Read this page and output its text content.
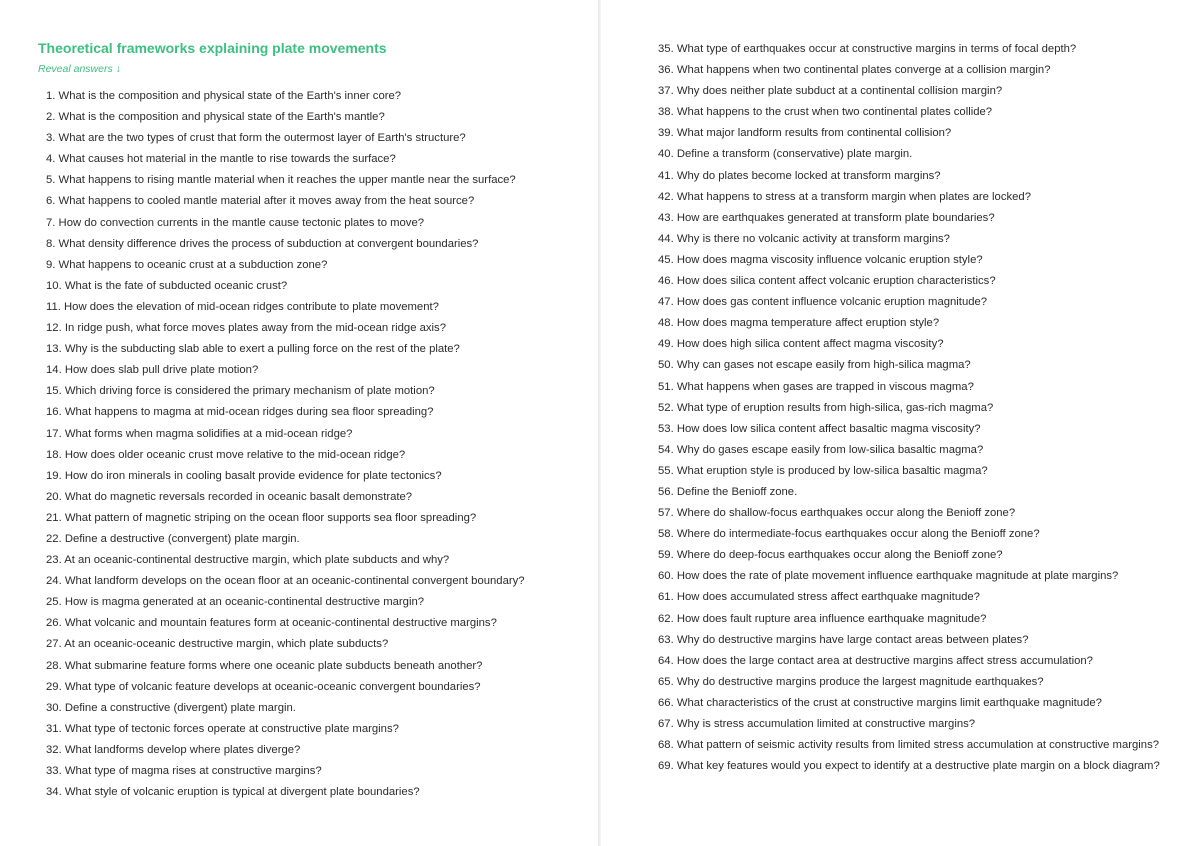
Theoretical frameworks explaining plate movements
Reveal answers ↓
1. What is the composition and physical state of the Earth's inner core?
2. What is the composition and physical state of the Earth's mantle?
3. What are the two types of crust that form the outermost layer of Earth's structure?
4. What causes hot material in the mantle to rise towards the surface?
5. What happens to rising mantle material when it reaches the upper mantle near the surface?
6. What happens to cooled mantle material after it moves away from the heat source?
7. How do convection currents in the mantle cause tectonic plates to move?
8. What density difference drives the process of subduction at convergent boundaries?
9. What happens to oceanic crust at a subduction zone?
10. What is the fate of subducted oceanic crust?
11. How does the elevation of mid-ocean ridges contribute to plate movement?
12. In ridge push, what force moves plates away from the mid-ocean ridge axis?
13. Why is the subducting slab able to exert a pulling force on the rest of the plate?
14. How does slab pull drive plate motion?
15. Which driving force is considered the primary mechanism of plate motion?
16. What happens to magma at mid-ocean ridges during sea floor spreading?
17. What forms when magma solidifies at a mid-ocean ridge?
18. How does older oceanic crust move relative to the mid-ocean ridge?
19. How do iron minerals in cooling basalt provide evidence for plate tectonics?
20. What do magnetic reversals recorded in oceanic basalt demonstrate?
21. What pattern of magnetic striping on the ocean floor supports sea floor spreading?
22. Define a destructive (convergent) plate margin.
23. At an oceanic-continental destructive margin, which plate subducts and why?
24. What landform develops on the ocean floor at an oceanic-continental convergent boundary?
25. How is magma generated at an oceanic-continental destructive margin?
26. What volcanic and mountain features form at oceanic-continental destructive margins?
27. At an oceanic-oceanic destructive margin, which plate subducts?
28. What submarine feature forms where one oceanic plate subducts beneath another?
29. What type of volcanic feature develops at oceanic-oceanic convergent boundaries?
30. Define a constructive (divergent) plate margin.
31. What type of tectonic forces operate at constructive plate margins?
32. What landforms develop where plates diverge?
33. What type of magma rises at constructive margins?
34. What style of volcanic eruption is typical at divergent plate boundaries?
35. What type of earthquakes occur at constructive margins in terms of focal depth?
36. What happens when two continental plates converge at a collision margin?
37. Why does neither plate subduct at a continental collision margin?
38. What happens to the crust when two continental plates collide?
39. What major landform results from continental collision?
40. Define a transform (conservative) plate margin.
41. Why do plates become locked at transform margins?
42. What happens to stress at a transform margin when plates are locked?
43. How are earthquakes generated at transform plate boundaries?
44. Why is there no volcanic activity at transform margins?
45. How does magma viscosity influence volcanic eruption style?
46. How does silica content affect volcanic eruption characteristics?
47. How does gas content influence volcanic eruption magnitude?
48. How does magma temperature affect eruption style?
49. How does high silica content affect magma viscosity?
50. Why can gases not escape easily from high-silica magma?
51. What happens when gases are trapped in viscous magma?
52. What type of eruption results from high-silica, gas-rich magma?
53. How does low silica content affect basaltic magma viscosity?
54. Why do gases escape easily from low-silica basaltic magma?
55. What eruption style is produced by low-silica basaltic magma?
56. Define the Benioff zone.
57. Where do shallow-focus earthquakes occur along the Benioff zone?
58. Where do intermediate-focus earthquakes occur along the Benioff zone?
59. Where do deep-focus earthquakes occur along the Benioff zone?
60. How does the rate of plate movement influence earthquake magnitude at plate margins?
61. How does accumulated stress affect earthquake magnitude?
62. How does fault rupture area influence earthquake magnitude?
63. Why do destructive margins have large contact areas between plates?
64. How does the large contact area at destructive margins affect stress accumulation?
65. Why do destructive margins produce the largest magnitude earthquakes?
66. What characteristics of the crust at constructive margins limit earthquake magnitude?
67. Why is stress accumulation limited at constructive margins?
68. What pattern of seismic activity results from limited stress accumulation at constructive margins?
69. What key features would you expect to identify at a destructive plate margin on a block diagram?
